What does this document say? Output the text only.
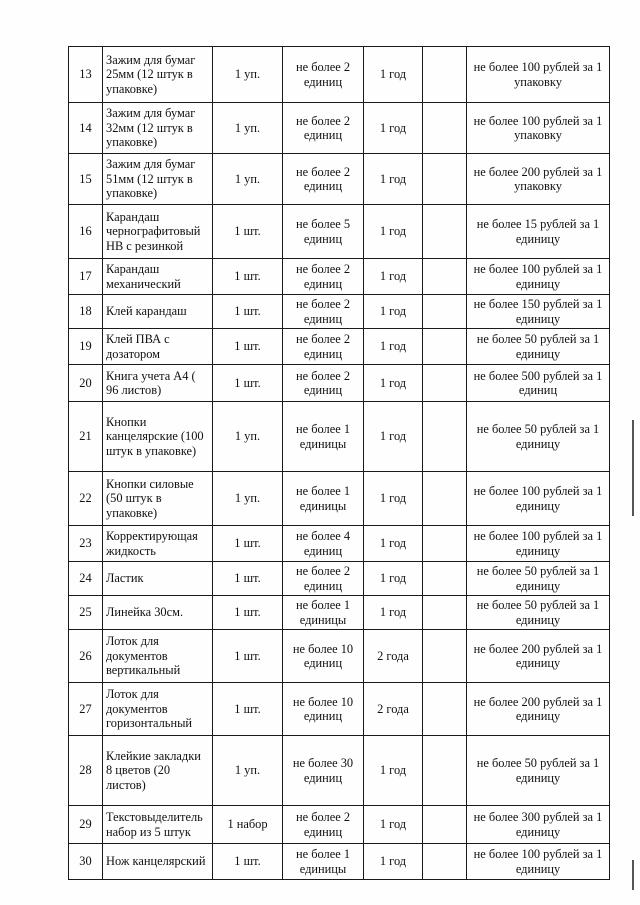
13	Зажим для бумаг 25мм (12 штук в упаковке)	1 уп.	не более 2 единиц	1 год		не более 100 рублей за 1 упаковку
14	Зажим для бумаг 32мм (12 штук в упаковке)	1 уп.	не более 2 единиц	1 год		не более 100 рублей за 1 упаковку
15	Зажим для бумаг 51мм (12 штук в упаковке)	1 уп.	не более 2 единиц	1 год		не более 200 рублей за 1 упаковку
16	Карандаш чернографитовый НВ с резинкой	1 шт.	не более 5 единиц	1 год		не более 15 рублей за 1 единицу
17	Карандаш механический	1 шт.	не более 2 единиц	1 год		не более 100 рублей за 1 единицу
18	Клей карандаш	1 шт.	не более 2 единиц	1 год		не более 150 рублей за 1 единицу
19	Клей ПВА с дозатором	1 шт.	не более 2 единиц	1 год		не более 50 рублей за 1 единицу
20	Книга учета А4 ( 96 листов)	1 шт.	не более 2 единиц	1 год		не более 500 рублей за 1 единиц
21	Кнопки канцелярские (100 штук в упаковке)	1 уп.	не более 1 единицы	1 год		не более 50 рублей за 1 единицу
22	Кнопки силовые (50 штук в упаковке)	1 уп.	не более 1 единицы	1 год		не более 100 рублей за 1 единицу
23	Корректирующая жидкость	1 шт.	не более 4 единиц	1 год		не более 100 рублей за 1 единицу
24	Ластик	1 шт.	не более 2 единиц	1 год		не более 50 рублей за 1 единицу
25	Линейка 30см.	1 шт.	не более 1 единицы	1 год		не более 50 рублей за 1 единицу
26	Лоток для документов вертикальный	1 шт.	не более 10 единиц	2 года		не более 200 рублей за 1 единицу
27	Лоток для документов горизонтальный	1 шт.	не более 10 единиц	2 года		не более 200 рублей за 1 единицу
28	Клейкие закладки 8 цветов (20 листов)	1 уп.	не более 30 единиц	1 год		не более 50 рублей за 1 единицу
29	Текстовыделитель набор из 5 штук	1 набор	не более 2 единиц	1 год		не более 300 рублей за 1 единицу
30	Нож канцелярский	1 шт.	не более 1 единицы	1 год		не более 100 рублей за 1 единицу
